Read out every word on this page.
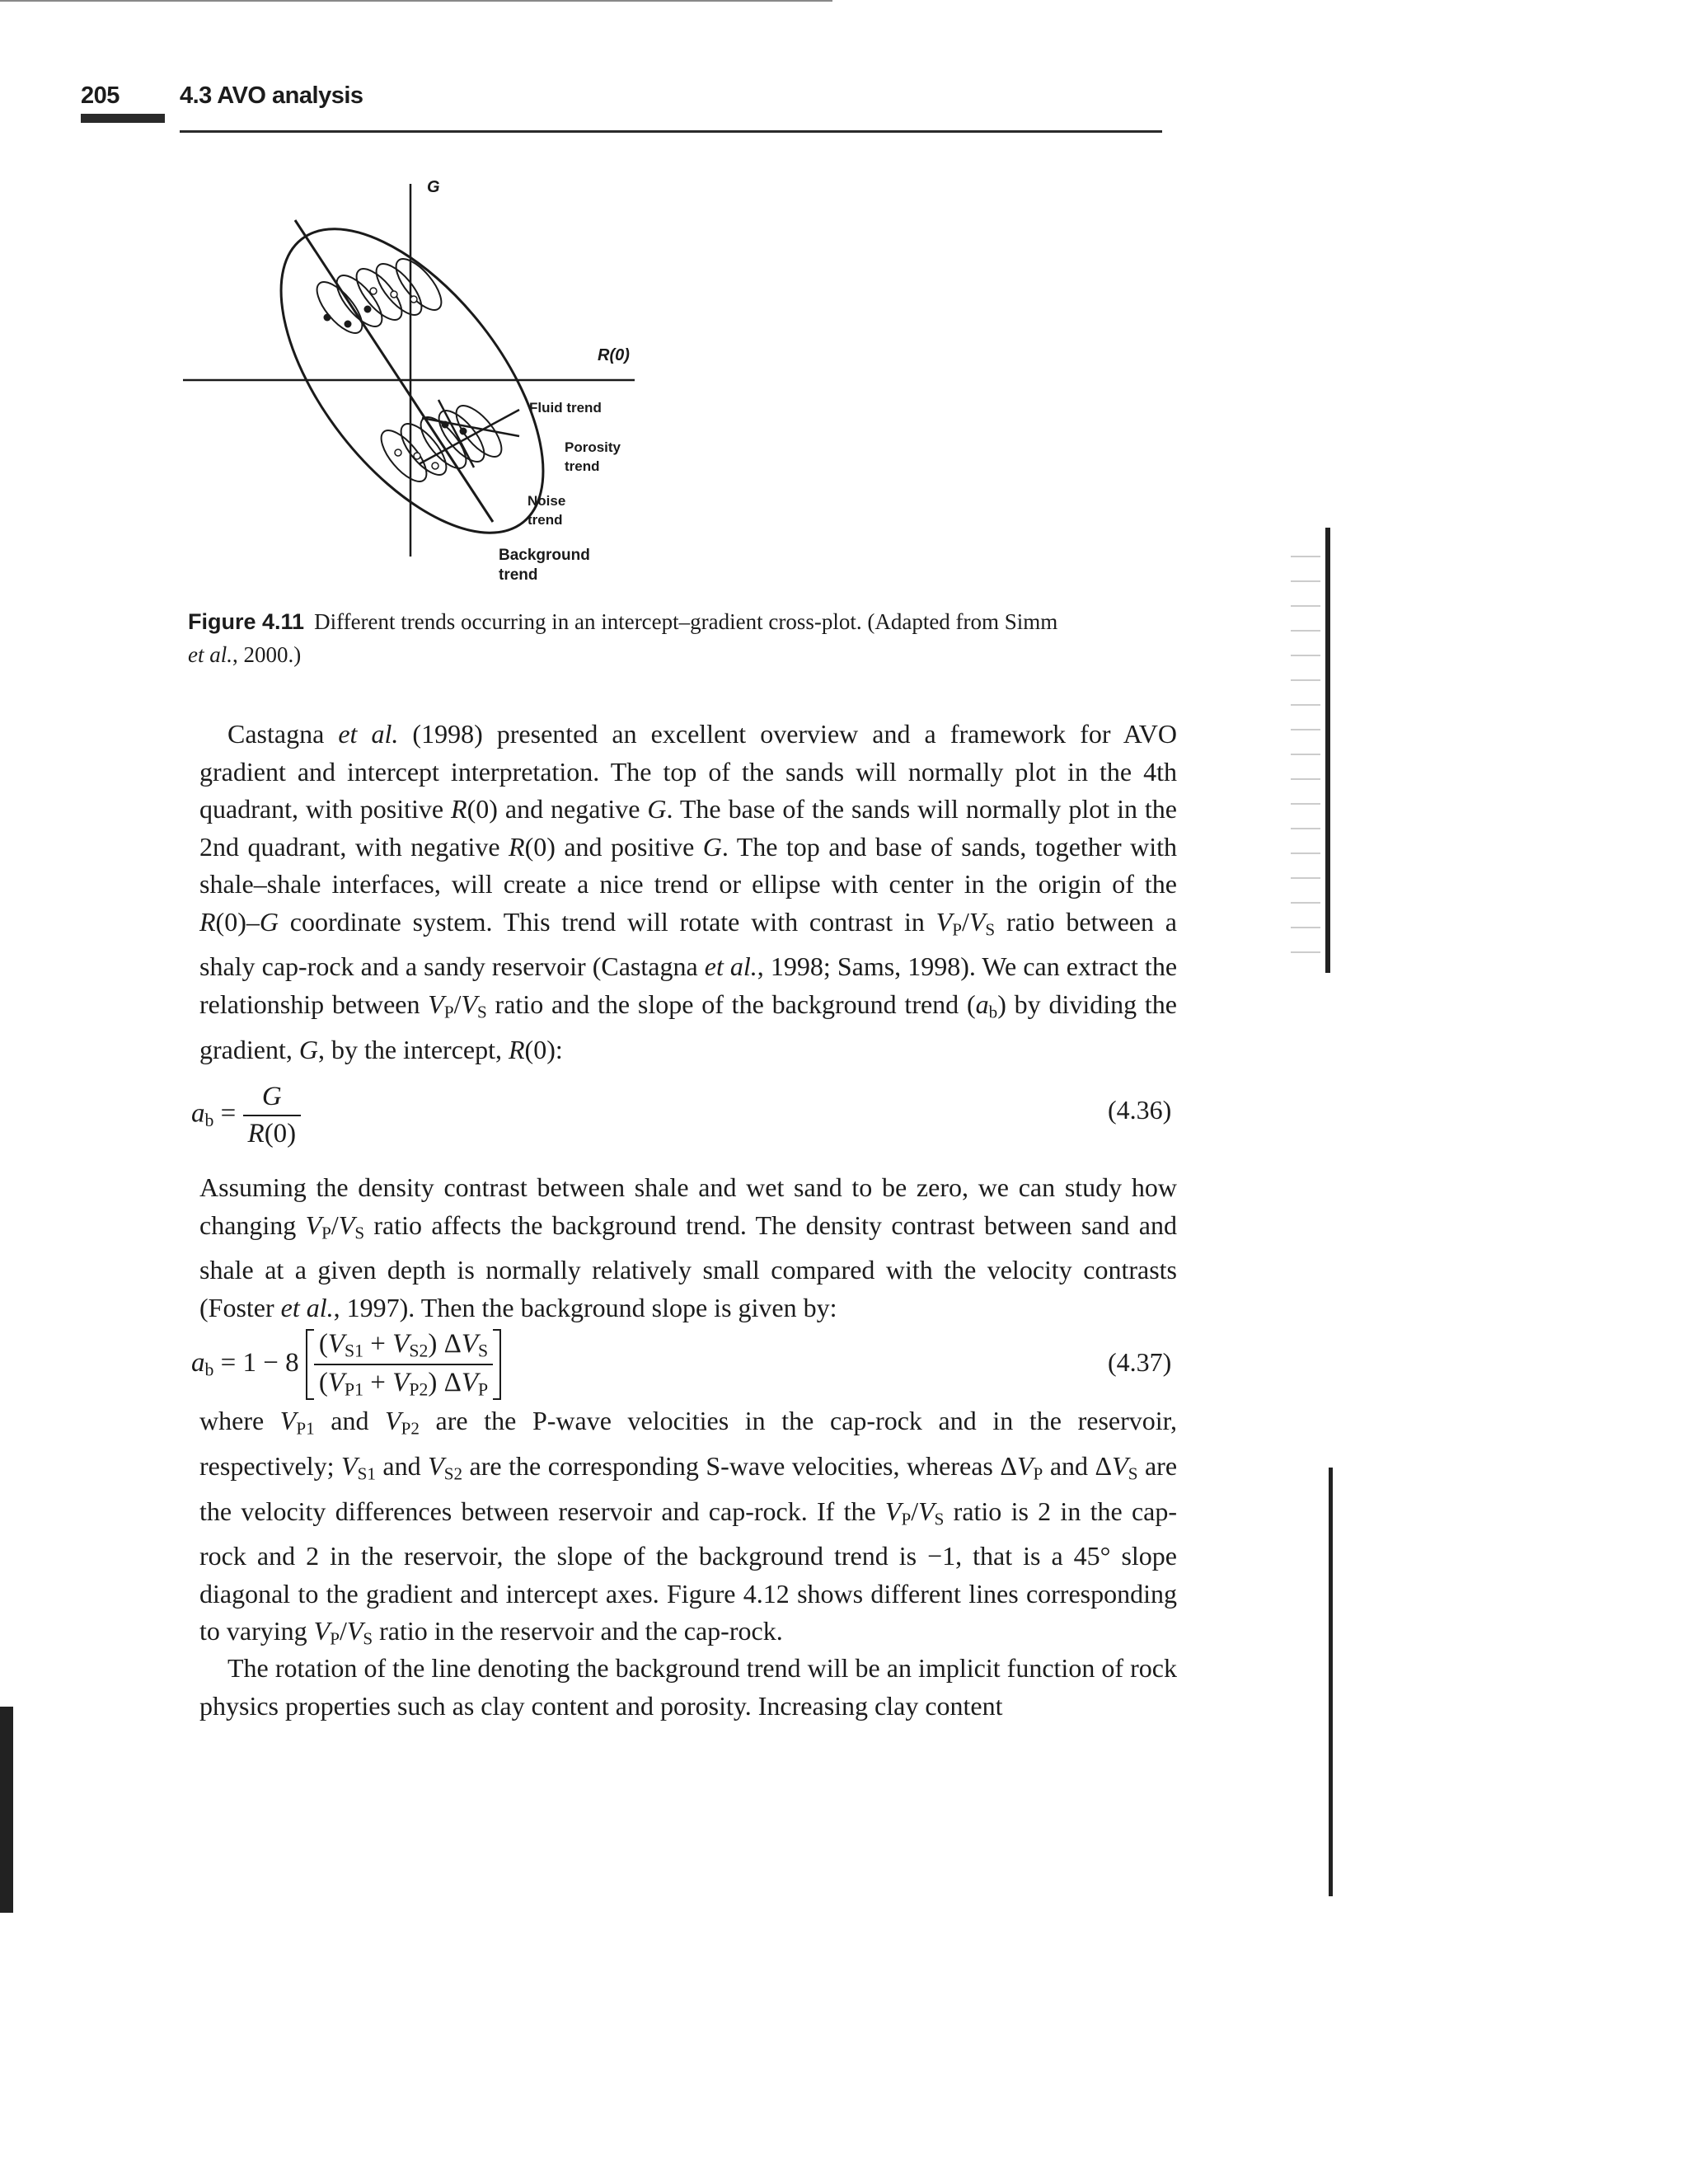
205	4.3 AVO analysis
G
R(0)
Fluid trend
Porosity
trend
Noise
trend
Background
trend
Figure 4.11 Different trends occurring in an intercept–gradient cross-plot. (Adapted from Simm
et al., 2000.)
Castagna et al. (1998) presented an excellent overview and a framework for AVO gradient and intercept interpretation. The top of the sands will normally plot in the 4th quadrant, with positive R(0) and negative G. The base of the sands will normally plot in the 2nd quadrant, with negative R(0) and positive G. The top and base of sands, together with shale–shale interfaces, will create a nice trend or ellipse with center in the origin of the R(0)–G coordinate system. This trend will rotate with contrast in $V_P/V_S$ ratio between a shaly cap-rock and a sandy reservoir (Castagna et al., 1998; Sams, 1998). We can extract the relationship between $V_P/V_S$ ratio and the slope of the background trend $(a_b)$ by dividing the gradient, G, by the intercept, R(0):
$a_b = \frac{G}{R(0)}$	(4.36)
Assuming the density contrast between shale and wet sand to be zero, we can study how changing $V_P/V_S$ ratio affects the background trend. The density contrast between sand and shale at a given depth is normally relatively small compared with the velocity contrasts (Foster et al., 1997). Then the background slope is given by:
$a_b = 1 - 8 \frac{(V_{S1} + V_{S2}) \Delta V_S}{(V_{P1} + V_{P2}) \Delta V_P}$	(4.37)
where $V_{P1}$ and $V_{P2}$ are the P-wave velocities in the cap-rock and in the reservoir, respectively; $V_{S1}$ and $V_{S2}$ are the corresponding S-wave velocities, whereas $\Delta V_P$ and $\Delta V_S$ are the velocity differences between reservoir and cap-rock. If the $V_P/V_S$ ratio is 2 in the cap-rock and 2 in the reservoir, the slope of the background trend is −1, that is a 45° slope diagonal to the gradient and intercept axes. Figure 4.12 shows different lines corresponding to varying $V_P/V_S$ ratio in the reservoir and the cap-rock.
The rotation of the line denoting the background trend will be an implicit function of rock physics properties such as clay content and porosity. Increasing clay content
